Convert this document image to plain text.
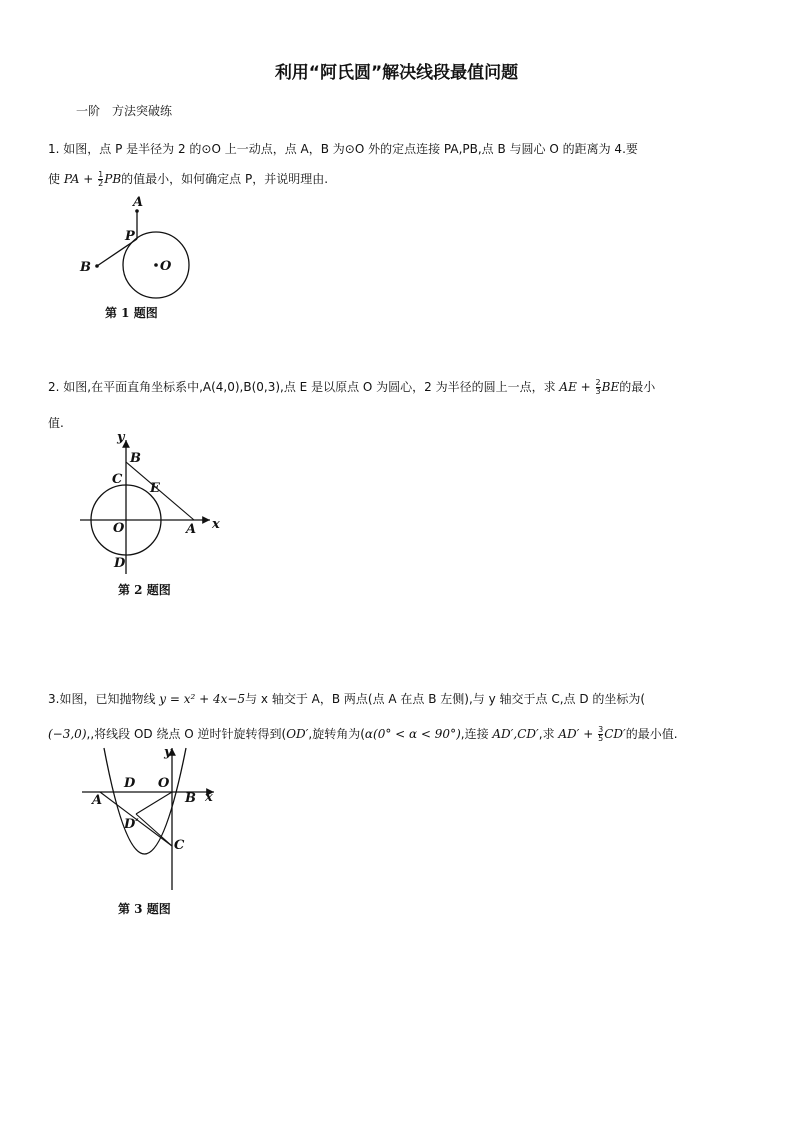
利用“阿氏圆”解决线段最值问题
一阶　方法突破练
1. 如图，点 P 是半径为 2 的⊙O 上一动点，点 A，B 为⊙O 外的定点连接 PA,PB,点 B 与圆心 O 的距离为 4.要
使 PA + $\frac{1}{2}$ PB的值最小，如何确定点 P，并说明理由.
A
P
B	O
第 1 题图
2. 如图,在平面直角坐标系中,A(4,0),B(0,3),点 E 是以原点 O 为圆心，2 为半径的圆上一点，求 AE + $\frac{2}{3}$ BE的最小
值.
y
x
B
C
E
O	A
D
第 2 题图
3.如图，已知抛物线 y = x² + 4x−5与 x 轴交于 A，B 两点(点 A 在点 B 左侧),与 y 轴交于点 C,点 D 的坐标为(
(−3,0),,将线段 OD 绕点 O 逆时针旋转得到(OD′,旋转角为(α(0° < α < 90°),连接 AD′,CD′,求 $AD' + \frac{3}{5} CD'$的最小值.
y
x
D O
A	B
D′
C
第 3 题图
